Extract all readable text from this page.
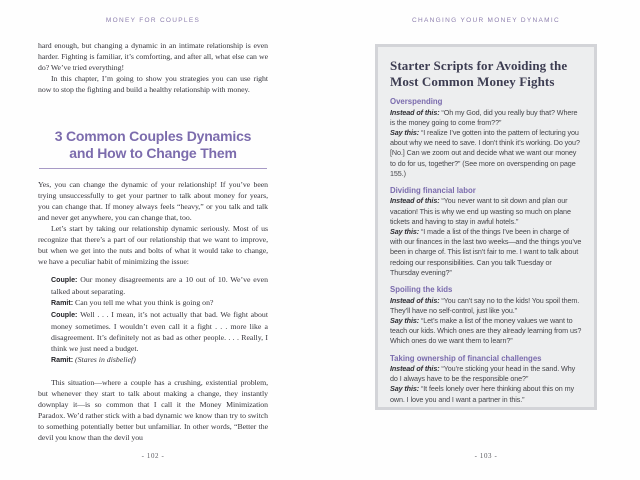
MONEY FOR COUPLES
hard enough, but changing a dynamic in an intimate relationship is even harder. Fighting is familiar, it’s comforting, and after all, what else can we do? We’ve tried everything!
In this chapter, I’m going to show you strategies you can use right now to stop the fighting and build a healthy relationship with money.
3 Common Couples Dynamics
and How to Change Them
Yes, you can change the dynamic of your relationship! If you’ve been trying unsuccessfully to get your partner to talk about money for years, you can change that. If money always feels “heavy,” or you talk and talk and never get anywhere, you can change that, too.
Let’s start by taking our relationship dynamic seriously. Most of us recognize that there’s a part of our relationship that we want to improve, but when we get into the nuts and bolts of what it would take to change, we have a peculiar habit of minimizing the issue:
Couple: Our money disagreements are a 10 out of 10. We’ve even talked about separating.
Ramit: Can you tell me what you think is going on?
Couple: Well . . . I mean, it’s not actually that bad. We fight about money sometimes. I wouldn’t even call it a fight . . . more like a disagreement. It’s definitely not as bad as other people. . . . Really, I think we just need a budget.
Ramit: (Stares in disbelief)
This situation—where a couple has a crushing, existential problem, but whenever they start to talk about making a change, they instantly downplay it—is so common that I call it the Money Minimization Paradox. We’d rather stick with a bad dynamic we know than try to switch to something potentially better but unfamiliar. In other words, “Better the devil you know than the devil you
- 102 -
CHANGING YOUR MONEY DYNAMIC
Starter Scripts for Avoiding the Most Common Money Fights
Overspending
Instead of this: “Oh my God, did you really buy that? Where is the money going to come from??”
Say this: “I realize I’ve gotten into the pattern of lecturing you about why we need to save. I don’t think it’s working. Do you? [No.] Can we zoom out and decide what we want our money to do for us, together?” (See more on overspending on page 155.)
Dividing financial labor
Instead of this: “You never want to sit down and plan our vacation! This is why we end up wasting so much on plane tickets and having to stay in awful hotels.”
Say this: “I made a list of the things I’ve been in charge of with our finances in the last two weeks—and the things you’ve been in charge of. This list isn’t fair to me. I want to talk about redoing our responsibilities. Can you talk Tuesday or Thursday evening?”
Spoiling the kids
Instead of this: “You can’t say no to the kids! You spoil them. They’ll have no self-control, just like you.”
Say this: “Let’s make a list of the money values we want to teach our kids. Which ones are they already learning from us? Which ones do we want them to learn?”
Taking ownership of financial challenges
Instead of this: “You’re sticking your head in the sand. Why do I always have to be the responsible one?”
Say this: “It feels lonely over here thinking about this on my own. I love you and I want a partner in this.”
- 103 -
